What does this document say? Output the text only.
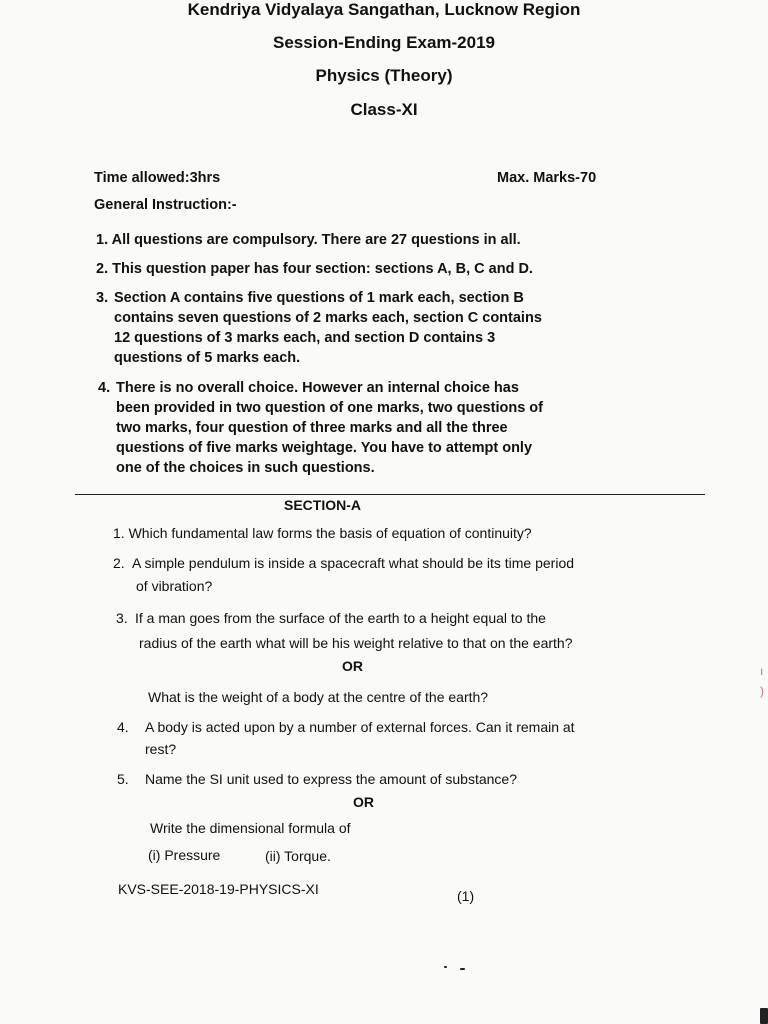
Kendriya Vidyalaya Sangathan, Lucknow Region
Session-Ending Exam-2019
Physics (Theory)
Class-XI
Time allowed:3hrs	Max. Marks-70
General Instruction:-
1. All questions are compulsory. There are 27 questions in all.
2. This question paper has four section: sections A, B, C and D.
3. Section A contains five questions of 1 mark each, section B
contains seven questions of 2 marks each, section C contains
12 questions of 3 marks each, and section D contains 3
questions of 5 marks each.
4. There is no overall choice. However an internal choice has
been provided in two question of one marks, two questions of
two marks, four question of three marks and all the three
questions of five marks weightage. You have to attempt only
one of the choices in such questions.
SECTION-A
1. Which fundamental law forms the basis of equation of continuity?
2. A simple pendulum is inside a spacecraft what should be its time period
of vibration?
3. If a man goes from the surface of the earth to a height equal to the
radius of the earth what will be his weight relative to that on the earth?
OR
What is the weight of a body at the centre of the earth?
4. A body is acted upon by a number of external forces. Can it remain at
rest?
5. Name the SI unit used to express the amount of substance?
OR
Write the dimensional formula of
(i) Pressure	(ii) Torque.
KVS-SEE-2018-19-PHYSICS-XI	(1)
ı
)
